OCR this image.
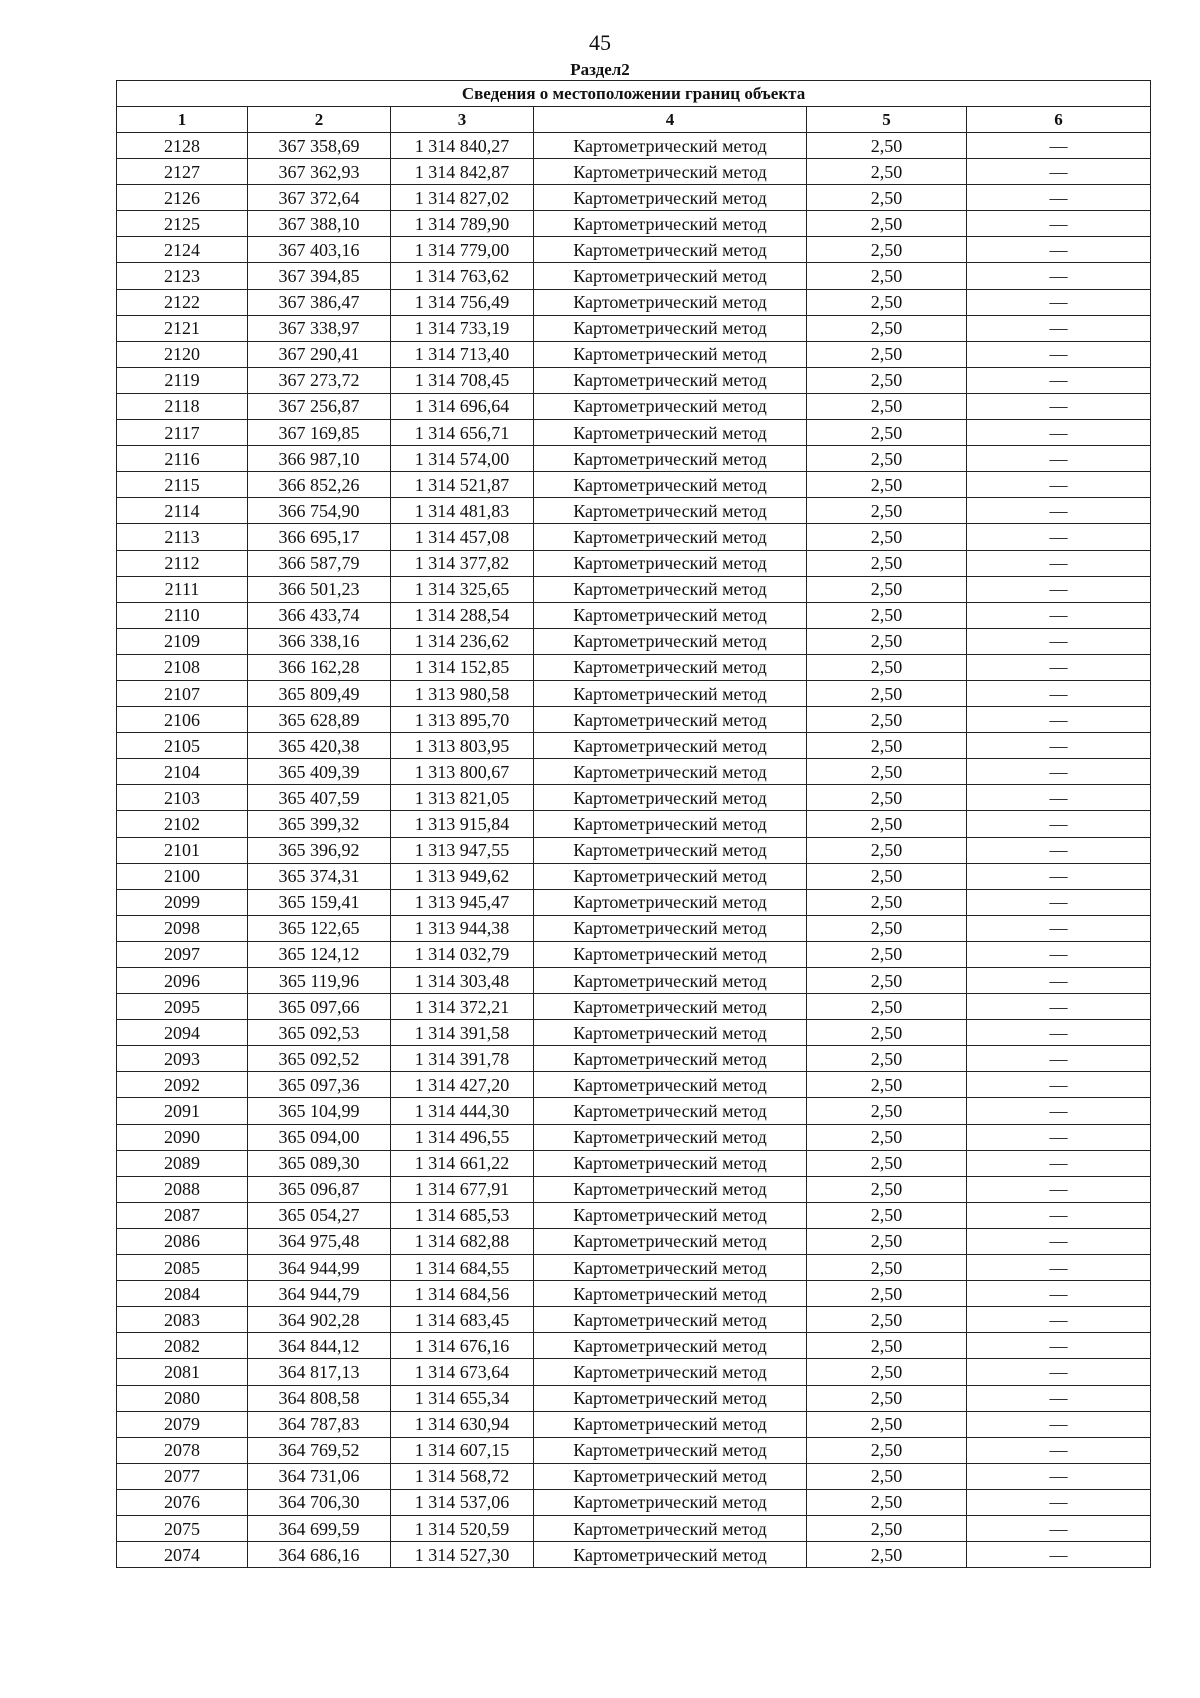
45
Раздел2
Сведения о местоположении границ объекта					
1	2	3	4	5	6
2128	367 358,69	1 314 840,27	Картометрический метод	2,50	—
2127	367 362,93	1 314 842,87	Картометрический метод	2,50	—
2126	367 372,64	1 314 827,02	Картометрический метод	2,50	—
2125	367 388,10	1 314 789,90	Картометрический метод	2,50	—
2124	367 403,16	1 314 779,00	Картометрический метод	2,50	—
2123	367 394,85	1 314 763,62	Картометрический метод	2,50	—
2122	367 386,47	1 314 756,49	Картометрический метод	2,50	—
2121	367 338,97	1 314 733,19	Картометрический метод	2,50	—
2120	367 290,41	1 314 713,40	Картометрический метод	2,50	—
2119	367 273,72	1 314 708,45	Картометрический метод	2,50	—
2118	367 256,87	1 314 696,64	Картометрический метод	2,50	—
2117	367 169,85	1 314 656,71	Картометрический метод	2,50	—
2116	366 987,10	1 314 574,00	Картометрический метод	2,50	—
2115	366 852,26	1 314 521,87	Картометрический метод	2,50	—
2114	366 754,90	1 314 481,83	Картометрический метод	2,50	—
2113	366 695,17	1 314 457,08	Картометрический метод	2,50	—
2112	366 587,79	1 314 377,82	Картометрический метод	2,50	—
2111	366 501,23	1 314 325,65	Картометрический метод	2,50	—
2110	366 433,74	1 314 288,54	Картометрический метод	2,50	—
2109	366 338,16	1 314 236,62	Картометрический метод	2,50	—
2108	366 162,28	1 314 152,85	Картометрический метод	2,50	—
2107	365 809,49	1 313 980,58	Картометрический метод	2,50	—
2106	365 628,89	1 313 895,70	Картометрический метод	2,50	—
2105	365 420,38	1 313 803,95	Картометрический метод	2,50	—
2104	365 409,39	1 313 800,67	Картометрический метод	2,50	—
2103	365 407,59	1 313 821,05	Картометрический метод	2,50	—
2102	365 399,32	1 313 915,84	Картометрический метод	2,50	—
2101	365 396,92	1 313 947,55	Картометрический метод	2,50	—
2100	365 374,31	1 313 949,62	Картометрический метод	2,50	—
2099	365 159,41	1 313 945,47	Картометрический метод	2,50	—
2098	365 122,65	1 313 944,38	Картометрический метод	2,50	—
2097	365 124,12	1 314 032,79	Картометрический метод	2,50	—
2096	365 119,96	1 314 303,48	Картометрический метод	2,50	—
2095	365 097,66	1 314 372,21	Картометрический метод	2,50	—
2094	365 092,53	1 314 391,58	Картометрический метод	2,50	—
2093	365 092,52	1 314 391,78	Картометрический метод	2,50	—
2092	365 097,36	1 314 427,20	Картометрический метод	2,50	—
2091	365 104,99	1 314 444,30	Картометрический метод	2,50	—
2090	365 094,00	1 314 496,55	Картометрический метод	2,50	—
2089	365 089,30	1 314 661,22	Картометрический метод	2,50	—
2088	365 096,87	1 314 677,91	Картометрический метод	2,50	—
2087	365 054,27	1 314 685,53	Картометрический метод	2,50	—
2086	364 975,48	1 314 682,88	Картометрический метод	2,50	—
2085	364 944,99	1 314 684,55	Картометрический метод	2,50	—
2084	364 944,79	1 314 684,56	Картометрический метод	2,50	—
2083	364 902,28	1 314 683,45	Картометрический метод	2,50	—
2082	364 844,12	1 314 676,16	Картометрический метод	2,50	—
2081	364 817,13	1 314 673,64	Картометрический метод	2,50	—
2080	364 808,58	1 314 655,34	Картометрический метод	2,50	—
2079	364 787,83	1 314 630,94	Картометрический метод	2,50	—
2078	364 769,52	1 314 607,15	Картометрический метод	2,50	—
2077	364 731,06	1 314 568,72	Картометрический метод	2,50	—
2076	364 706,30	1 314 537,06	Картометрический метод	2,50	—
2075	364 699,59	1 314 520,59	Картометрический метод	2,50	—
2074	364 686,16	1 314 527,30	Картометрический метод	2,50	—
